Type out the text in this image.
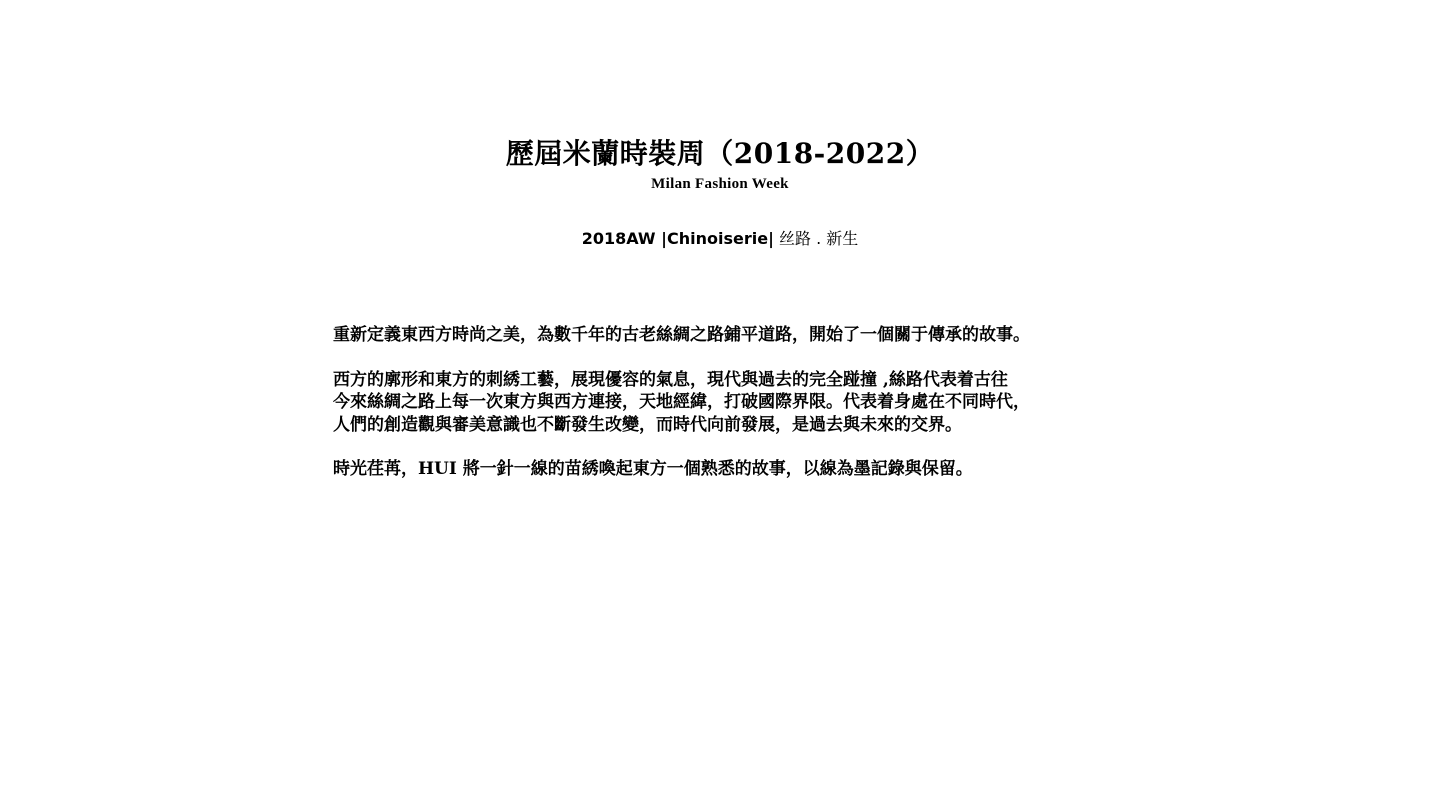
歷屆米蘭時裝周（2018-2022）
Milan Fashion Week
2018AW |Chinoiserie| 丝路 . 新生

重新定義東西方時尚之美，為數千年的古老絲綢之路鋪平道路，開始了一個關于傳承的故事。

西方的廓形和東方的刺綉工藝，展現優容的氣息，現代與過去的完全踫撞 ,絲路代表着古往
今來絲綢之路上每一次東方與西方連接，天地經緯，打破國際界限。代表着身處在不同時代，
人們的創造觀與審美意識也不斷發生改變，而時代向前發展，是過去與未來的交界。

時光荏苒，HUI 將一針一線的苗綉喚起東方一個熟悉的故事，以線為墨記錄與保留。
